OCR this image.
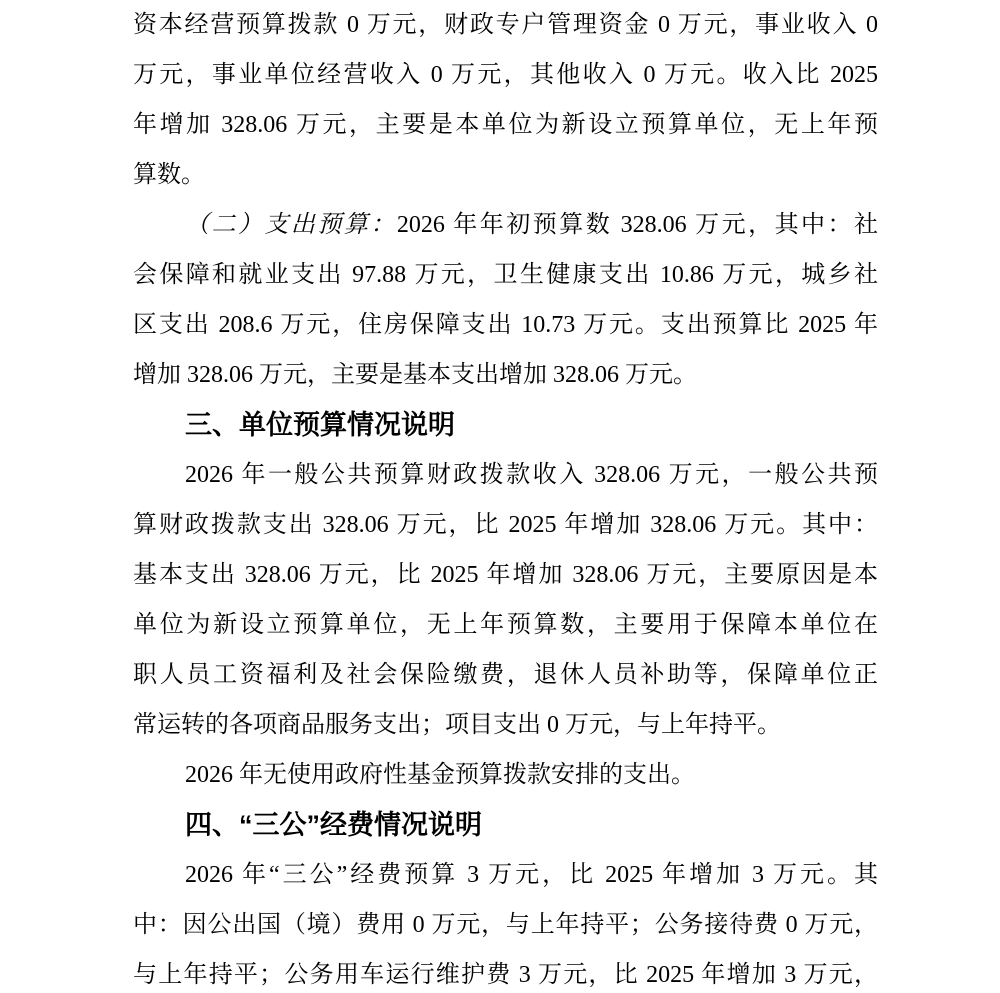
资本经营预算拨款 0 万元，财政专户管理资金 0 万元，事业收入 0
万元，事业单位经营收入 0 万元，其他收入 0 万元。收入比 2025
年增加 328.06 万元，主要是本单位为新设立预算单位，无上年预
算数。
（二）支出预算：2026 年年初预算数 328.06 万元，其中：社
会保障和就业支出 97.88 万元，卫生健康支出 10.86 万元，城乡社
区支出 208.6 万元，住房保障支出 10.73 万元。支出预算比 2025 年
增加 328.06 万元，主要是基本支出增加 328.06 万元。
三、单位预算情况说明
2026 年一般公共预算财政拨款收入 328.06 万元，一般公共预
算财政拨款支出 328.06 万元，比 2025 年增加 328.06 万元。其中：
基本支出 328.06 万元，比 2025 年增加 328.06 万元，主要原因是本
单位为新设立预算单位，无上年预算数，主要用于保障本单位在
职人员工资福利及社会保险缴费，退休人员补助等，保障单位正
常运转的各项商品服务支出；项目支出 0 万元，与上年持平。
2026 年无使用政府性基金预算拨款安排的支出。
四、“三公”经费情况说明
2026 年“三公”经费预算 3 万元，比 2025 年增加 3 万元。其
中：因公出国（境）费用 0 万元，与上年持平；公务接待费 0 万元，
与上年持平；公务用车运行维护费 3 万元，比 2025 年增加 3 万元，
